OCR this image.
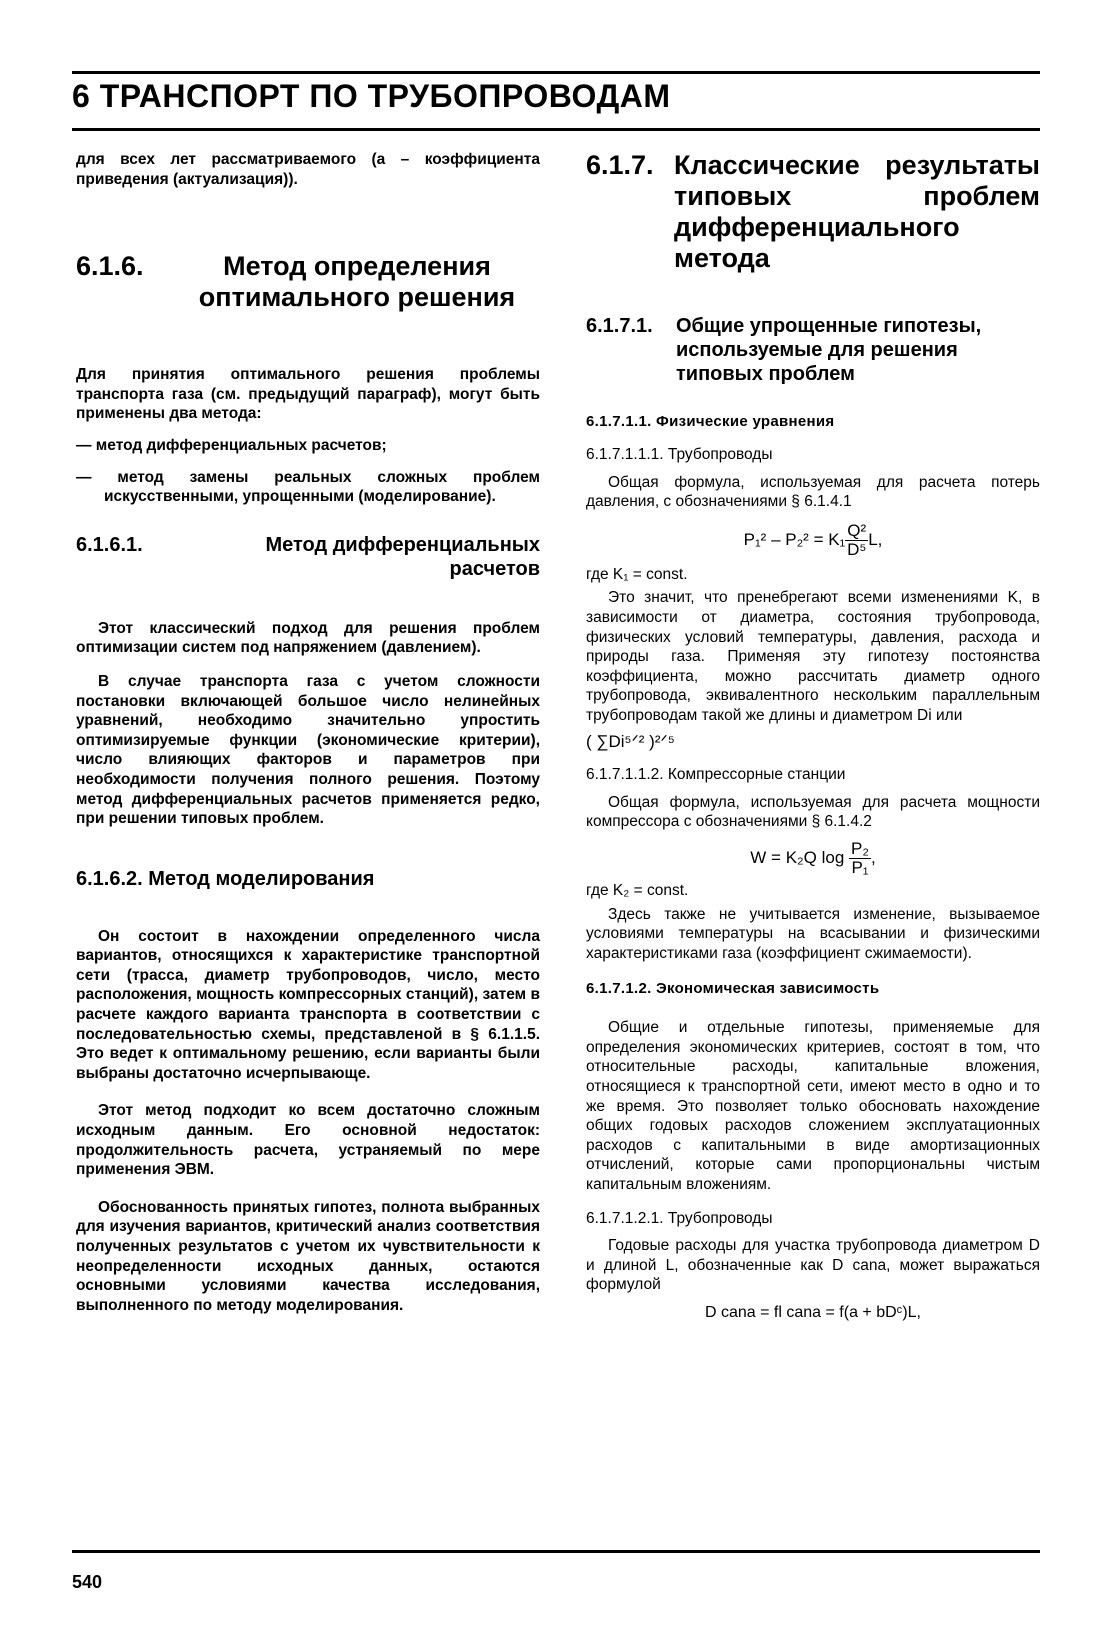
6 ТРАНСПОРТ ПО ТРУБОПРОВОДАМ

для всех лет рассматриваемого (а – коэффициента приведения (актуализация)).

6.1.6.	Метод определения оптимального решения

Для принятия оптимального решения проблемы транспорта газа (см. предыдущий параграф), могут быть применены два метода:

— метод дифференциальных расчетов;

— метод замены реальных сложных проблем искусственными, упрощенными (моделирование).

6.1.6.1.	Метод дифференциальных расчетов

Этот классический подход для решения проблем оптимизации систем под напряжением (давлением).

В случае транспорта газа с учетом сложности постановки включающей большое число нелинейных уравнений, необходимо значительно упростить оптимизируемые функции (экономические критерии), число влияющих факторов и параметров при необходимости получения полного решения. Поэтому метод дифференциальных расчетов применяется редко, при решении типовых проблем.

6.1.6.2. Метод моделирования

Он состоит в нахождении определенного числа вариантов, относящихся к характеристике транспортной сети (трасса, диаметр трубопроводов, число, место расположения, мощность компрессорных станций), затем в расчете каждого варианта транспорта в соответствии с последовательностью схемы, представленой в § 6.1.1.5. Это ведет к оптимальному решению, если варианты были выбраны достаточно исчерпывающе.

Этот метод подходит ко всем достаточно сложным исходным данным. Его основной недостаток: продолжительность расчета, устраняемый по мере применения ЭВМ.

Обоснованность принятых гипотез, полнота выбранных для изучения вариантов, критический анализ соответствия полученных результатов с учетом их чувствительности к неопределенности исходных данных, остаются основными условиями качества исследования, выполненного по методу моделирования.

6.1.7. Классические результаты типовых проблем дифференциального метода
6.1.7.1.	Общие упрощенные гипотезы, используемые для решения типовых проблем
6.1.7.1.1. Физические уравнения

6.1.7.1.1.1. Трубопроводы

Общая формула, используемая для расчета потерь давления, с обозначениями § 6.1.4.1

$P_1^2 - P_2^2 = K_1 \frac{\text{Q²}}{\text{D⁵}} L$,

где K₁ = const.

Это значит, что пренебрегают всеми изменениями K, в зависимости от диаметра, состояния трубопровода, физических условий температуры, давления, расхода и природы газа. Применяя эту гипотезу постоянства коэффициента, можно рассчитать диаметр одного трубопровода, эквивалентного нескольким параллельным трубопроводам такой же длины и диаметром Di или

( ∑Di⁵ᐟ² )²ᐟ⁵

6.1.7.1.1.2. Компрессорные станции

Общая формула, используемая для расчета мощности компрессора с обозначениями § 6.1.4.2

W = K₂Q $\log \frac{\text{P₂}}{\text{P₁}}$ ,

где K₂ = const.

Здесь также не учитывается изменение, вызываемое условиями температуры на всасывании и физическими характеристиками газа (коэффициент сжимаемости).

6.1.7.1.2. Экономическая зависимость

Общие и отдельные гипотезы, применяемые для определения экономических критериев, состоят в том, что относительные расходы, капитальные вложения, относящиеся к транспортной сети, имеют место в одно и то же время. Это позволяет только обосновать нахождение общих годовых расходов сложением эксплуатационных расходов с капитальными в виде амортизационных отчислений, которые сами пропорциональны чистым капитальным вложениям.

6.1.7.1.2.1. Трубопроводы

Годовые расходы для участка трубопровода диаметром D и длиной L, обозначенные как D cana, может выражаться формулой

D cana = fl cana = f(a + bDᶜ)L,

540
